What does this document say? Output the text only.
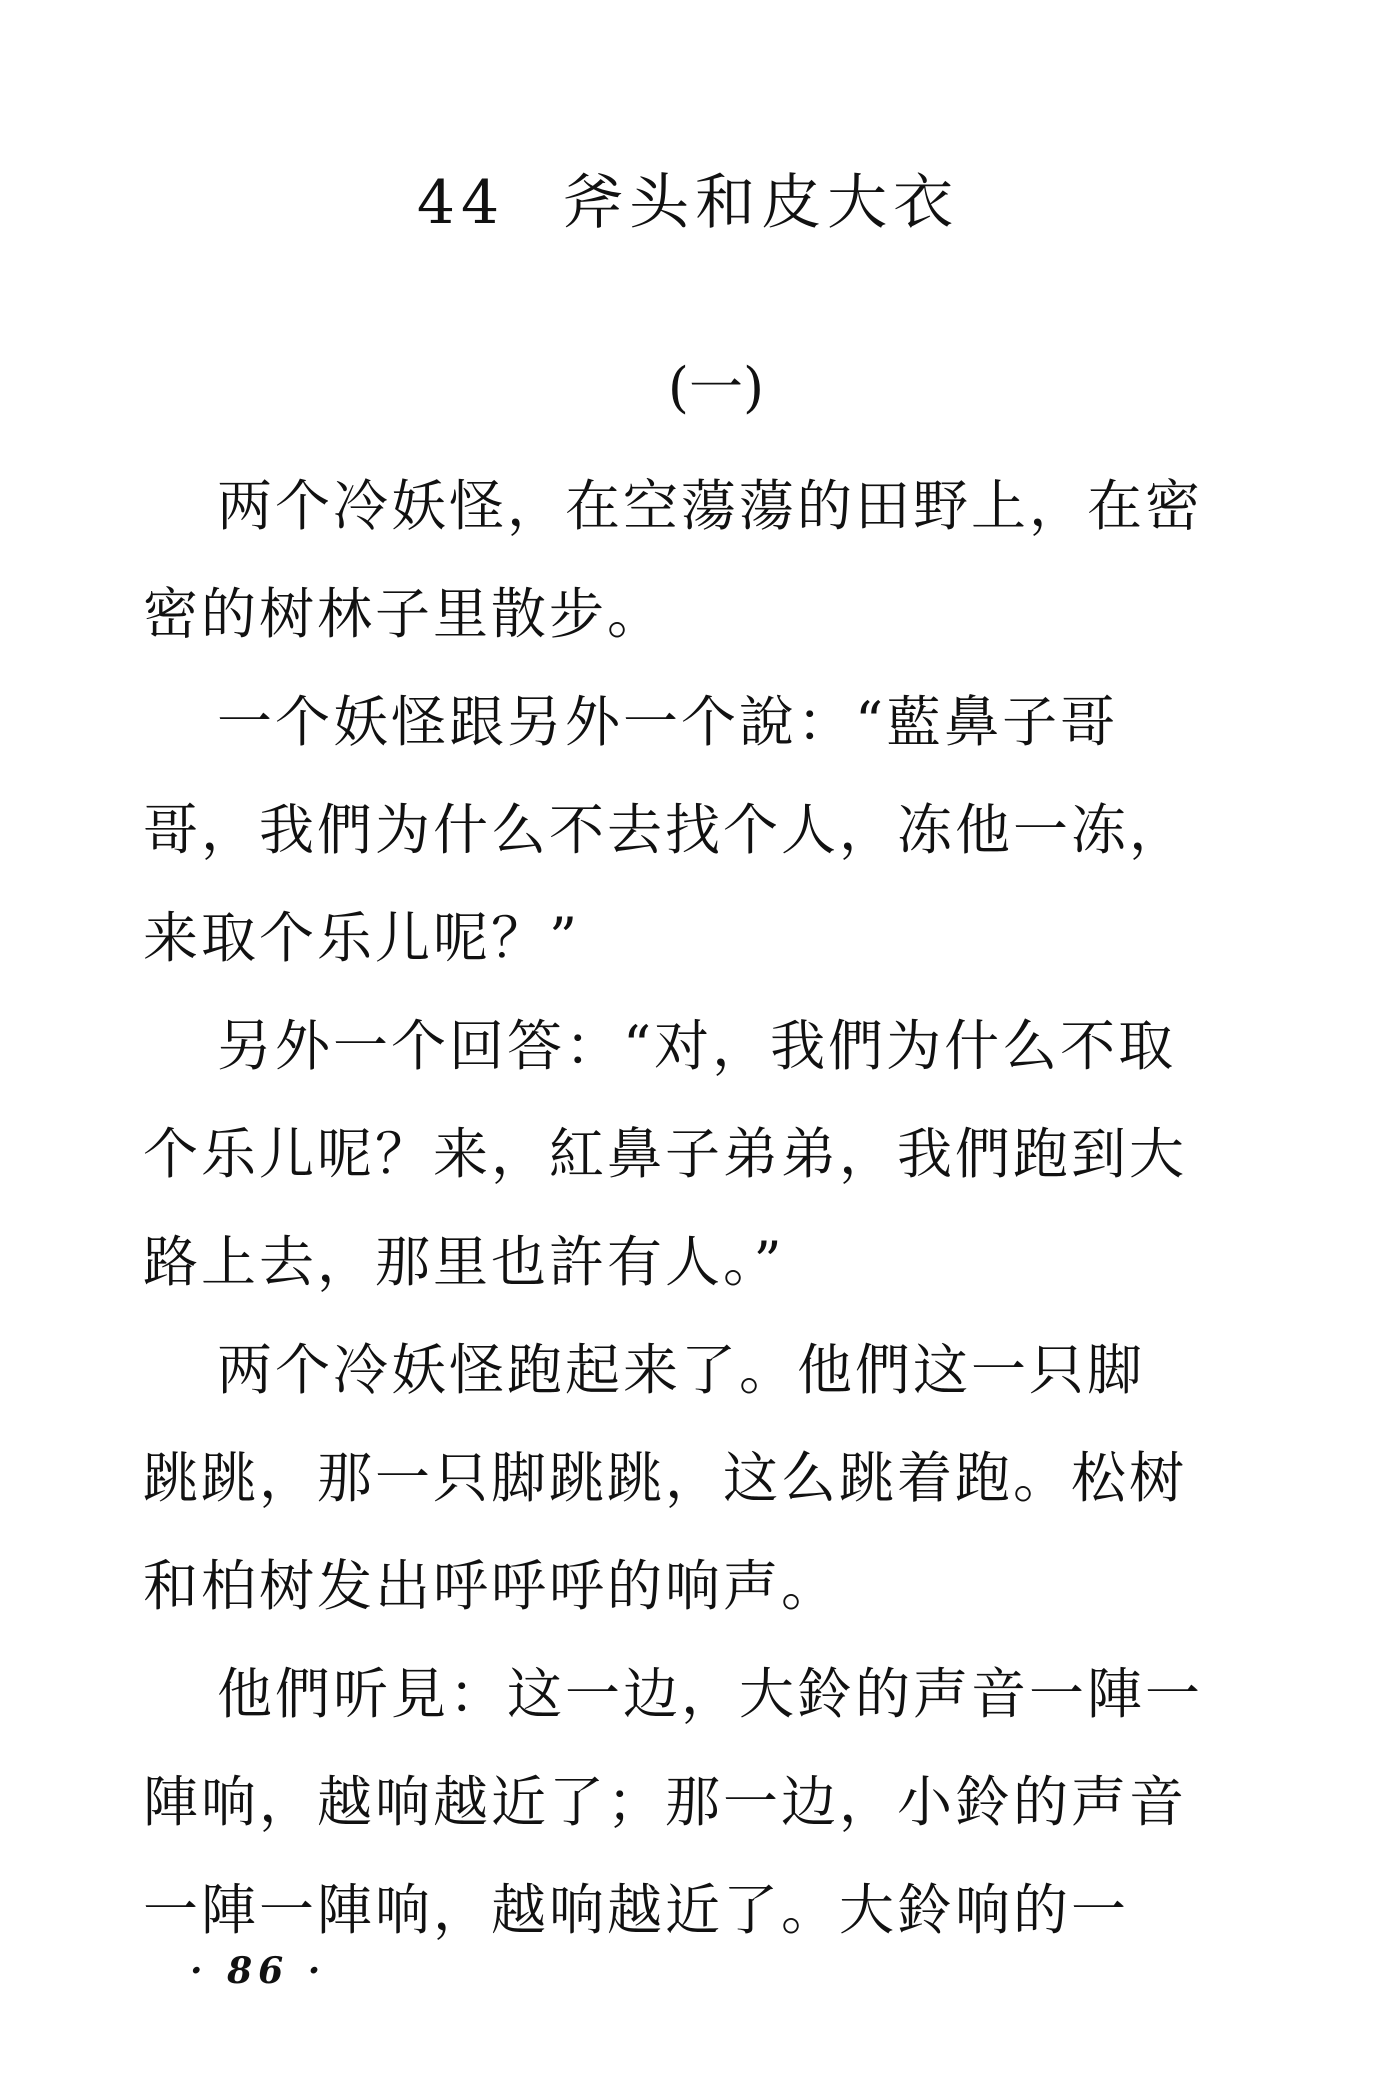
44 斧头和皮大衣
(一)

两个冷妖怪，在空蕩蕩的田野上，在密
密的树林子里散步。

一个妖怪跟另外一个說：“藍鼻子哥
哥，我們为什么不去找个人，冻他一冻，
来取个乐儿呢？”

另外一个回答：“对，我們为什么不取
个乐儿呢？来，紅鼻子弟弟，我們跑到大
路上去，那里也許有人。”

两个冷妖怪跑起来了。他們这一只脚
跳跳，那一只脚跳跳，这么跳着跑。松树
和柏树发出呼呼呼的响声。

他們听見：这一边，大鈴的声音一陣一
陣响，越响越近了；那一边，小鈴的声音
一陣一陣响，越响越近了。大鈴响的一

· 86 ·
